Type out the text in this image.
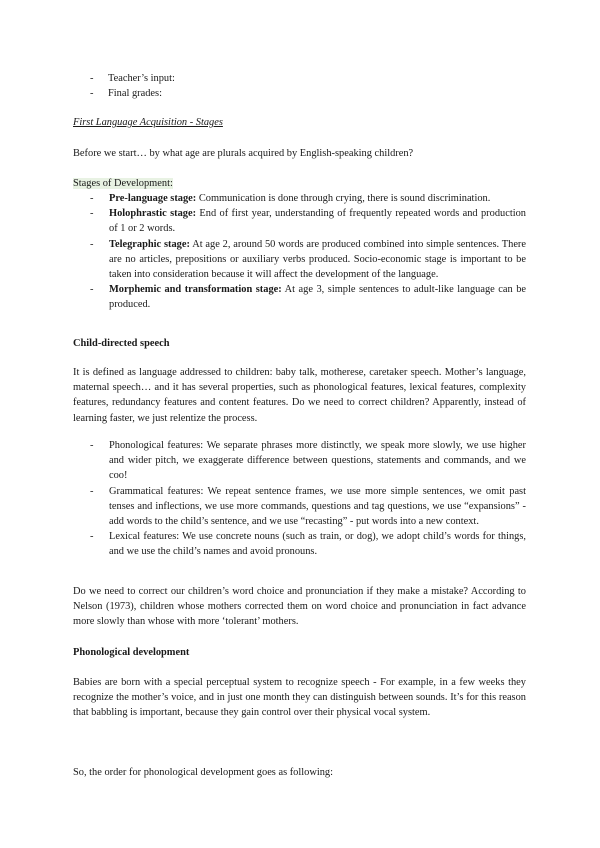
- Teacher’s input:
- Final grades:
First Language Acquisition - Stages
Before we start… by what age are plurals acquired by English-speaking children?
Stages of Development:
- Pre-language stage: Communication is done through crying, there is sound discrimination.
- Holophrastic stage: End of first year, understanding of frequently repeated words and production of 1 or 2 words.
- Telegraphic stage: At age 2, around 50 words are produced combined into simple sentences. There are no articles, prepositions or auxiliary verbs produced. Socio-economic stage is important to be taken into consideration because it will affect the development of the language.
- Morphemic and transformation stage: At age 3, simple sentences to adult-like language can be produced.
Child-directed speech
It is defined as language addressed to children: baby talk, motherese, caretaker speech. Mother’s language, maternal speech… and it has several properties, such as phonological features, lexical features, complexity features, redundancy features and content features. Do we need to correct children? Apparently, instead of learning faster, we just relentize the process.
- Phonological features: We separate phrases more distinctly, we speak more slowly, we use higher and wider pitch, we exaggerate difference between questions, statements and commands, and we coo!
- Grammatical features: We repeat sentence frames, we use more simple sentences, we omit past tenses and inflections, we use more commands, questions and tag questions, we use “expansions” - add words to the child’s sentence, and we use “recasting” - put words into a new context.
- Lexical features: We use concrete nouns (such as train, or dog), we adopt child’s words for things, and we use the child’s names and avoid pronouns.
Do we need to correct our children’s word choice and pronunciation if they make a mistake? According to Nelson (1973), children whose mothers corrected them on word choice and pronunciation in fact advance more slowly than whose with more ‘tolerant’ mothers.
Phonological development
Babies are born with a special perceptual system to recognize speech - For example, in a few weeks they recognize the mother’s voice, and in just one month they can distinguish between sounds. It’s for this reason that babbling is important, because they gain control over their physical vocal system.
So, the order for phonological development goes as following:
